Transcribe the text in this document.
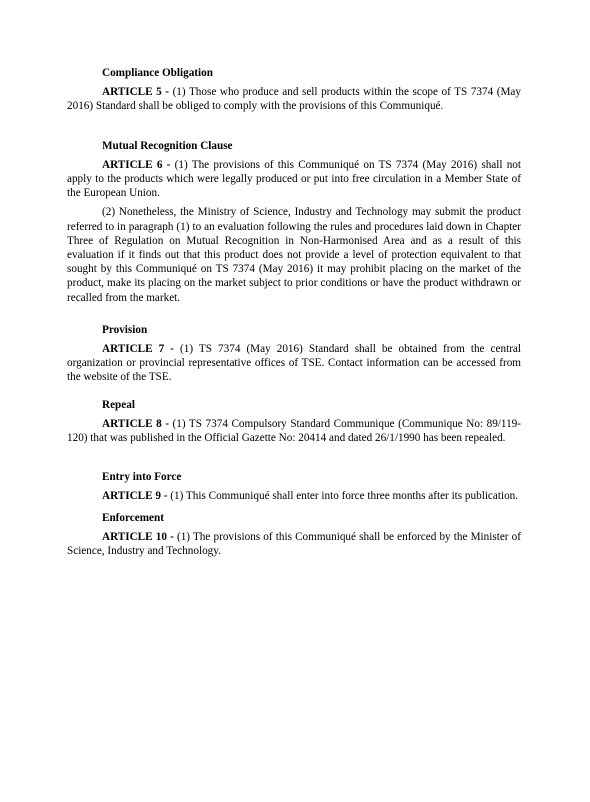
Compliance Obligation

ARTICLE 5 - (1) Those who produce and sell products within the scope of TS 7374 (May 2016) Standard shall be obliged to comply with the provisions of this Communiqué.

Mutual Recognition Clause

ARTICLE 6 - (1) The provisions of this Communiqué on TS 7374 (May 2016) shall not apply to the products which were legally produced or put into free circulation in a Member State of the European Union.

(2) Nonetheless, the Ministry of Science, Industry and Technology may submit the product referred to in paragraph (1) to an evaluation following the rules and procedures laid down in Chapter Three of Regulation on Mutual Recognition in Non-Harmonised Area and as a result of this evaluation if it finds out that this product does not provide a level of protection equivalent to that sought by this Communiqué on TS 7374 (May 2016) it may prohibit placing on the market of the product, make its placing on the market subject to prior conditions or have the product withdrawn or recalled from the market.

Provision

ARTICLE 7 - (1) TS 7374 (May 2016) Standard shall be obtained from the central organization or provincial representative offices of TSE. Contact information can be accessed from the website of the TSE.

Repeal

ARTICLE 8 - (1) TS 7374 Compulsory Standard Communique (Communique No: 89/119-120) that was published in the Official Gazette No: 20414 and dated 26/1/1990 has been repealed.

Entry into Force

ARTICLE 9 - (1) This Communiqué shall enter into force three months after its publication.

Enforcement

ARTICLE 10 - (1) The provisions of this Communiqué shall be enforced by the Minister of Science, Industry and Technology.
